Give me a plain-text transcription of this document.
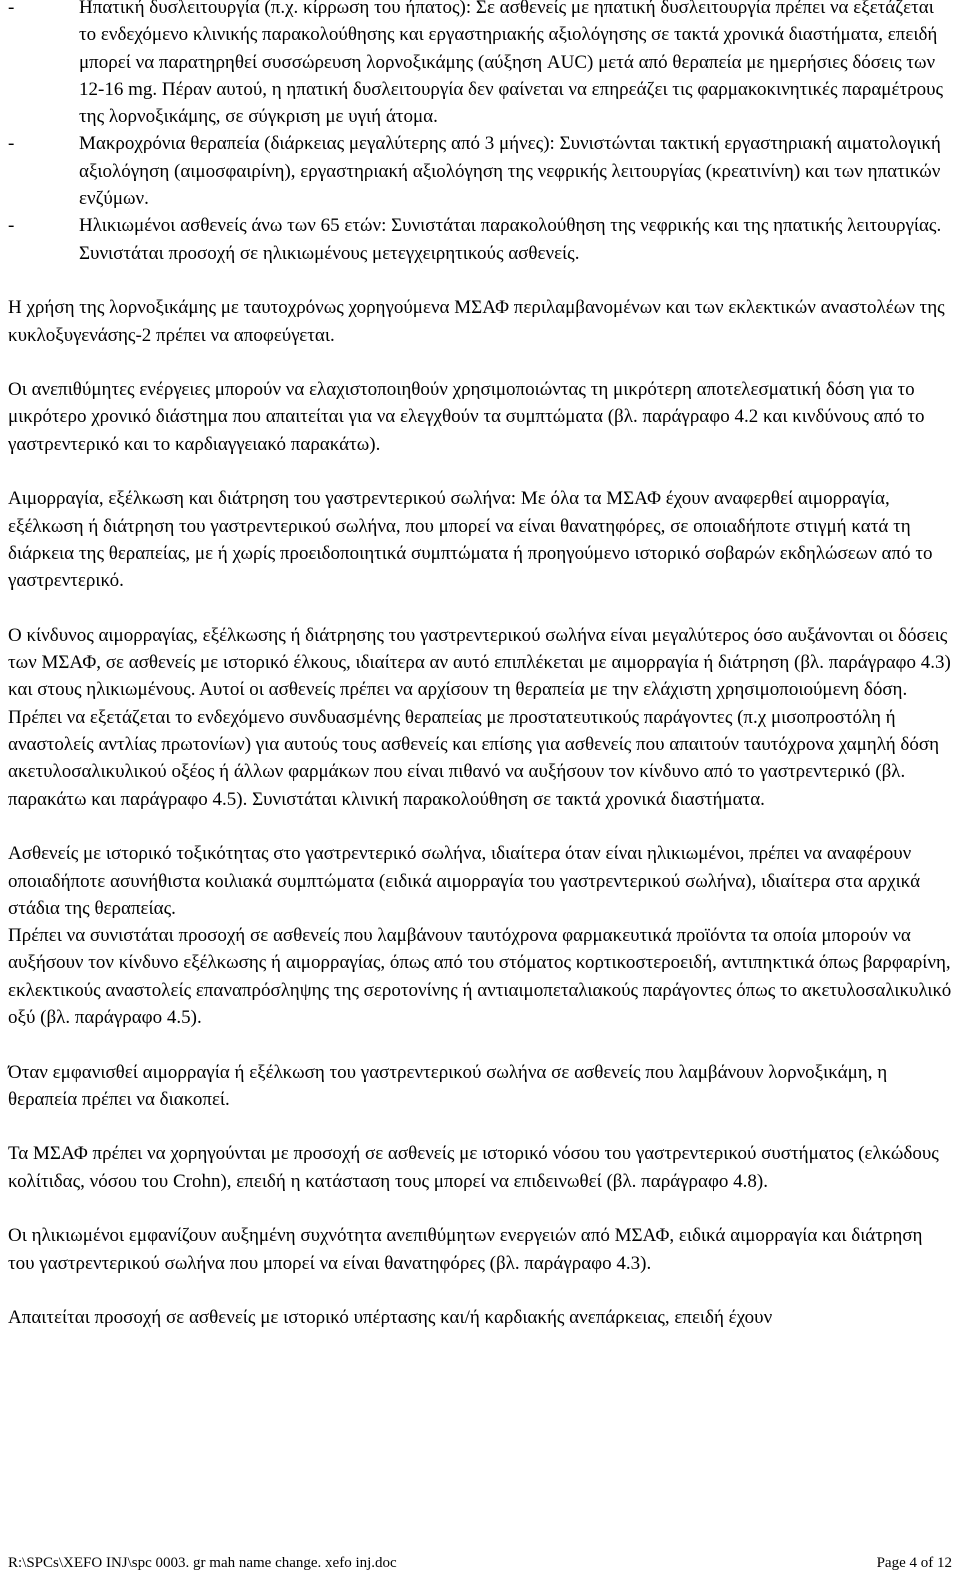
-	Ηπατική δυσλειτουργία (π.χ. κίρρωση του ήπατος): Σε ασθενείς με ηπατική δυσλειτουργία πρέπει να εξετάζεται το ενδεχόμενο κλινικής παρακολούθησης και εργαστηριακής αξιολόγησης σε τακτά χρονικά διαστήματα, επειδή μπορεί να παρατηρηθεί συσσώρευση λορνοξικάμης (αύξηση AUC) μετά από θεραπεία με ημερήσιες δόσεις των 12-16 mg. Πέραν αυτού, η ηπατική δυσλειτουργία δεν φαίνεται να επηρεάζει τις φαρμακοκινητικές παραμέτρους της λορνοξικάμης, σε σύγκριση με υγιή άτομα.
-	Μακροχρόνια θεραπεία (διάρκειας μεγαλύτερης από 3 μήνες): Συνιστώνται τακτική εργαστηριακή αιματολογική αξιολόγηση (αιμοσφαιρίνη), εργαστηριακή αξιολόγηση της νεφρικής λειτουργίας (κρεατινίνη) και των ηπατικών ενζύμων.
-	Ηλικιωμένοι ασθενείς άνω των 65 ετών: Συνιστάται παρακολούθηση της νεφρικής και της ηπατικής λειτουργίας. Συνιστάται προσοχή σε ηλικιωμένους μετεγχειρητικούς ασθενείς.

Η χρήση της λορνοξικάμης με ταυτοχρόνως χορηγούμενα ΜΣΑΦ περιλαμβανομένων και των εκλεκτικών αναστολέων της κυκλοξυγενάσης-2 πρέπει να αποφεύγεται.

Οι ανεπιθύμητες ενέργειες μπορούν να ελαχιστοποιηθούν χρησιμοποιώντας τη μικρότερη αποτελεσματική δόση για το μικρότερο χρονικό διάστημα που απαιτείται για να ελεγχθούν τα συμπτώματα (βλ. παράγραφο 4.2 και κινδύνους από το γαστρεντερικό και το καρδιαγγειακό παρακάτω).

Αιμορραγία, εξέλκωση και διάτρηση του γαστρεντερικού σωλήνα: Με όλα τα ΜΣΑΦ έχουν αναφερθεί αιμορραγία, εξέλκωση ή διάτρηση του γαστρεντερικού σωλήνα, που μπορεί να είναι θανατηφόρες, σε οποιαδήποτε στιγμή κατά τη διάρκεια της θεραπείας, με ή χωρίς προειδοποιητικά συμπτώματα ή προηγούμενο ιστορικό σοβαρών εκδηλώσεων από το γαστρεντερικό.

Ο κίνδυνος αιμορραγίας, εξέλκωσης ή διάτρησης του γαστρεντερικού σωλήνα είναι μεγαλύτερος όσο αυξάνονται οι δόσεις των ΜΣΑΦ, σε ασθενείς με ιστορικό έλκους, ιδιαίτερα αν αυτό επιπλέκεται με αιμορραγία ή διάτρηση (βλ. παράγραφο 4.3) και στους ηλικιωμένους. Αυτοί οι ασθενείς πρέπει να αρχίσουν τη θεραπεία με την ελάχιστη χρησιμοποιούμενη δόση. Πρέπει να εξετάζεται το ενδεχόμενο συνδυασμένης θεραπείας με προστατευτικούς παράγοντες (π.χ μισοπροστόλη ή αναστολείς αντλίας πρωτονίων) για αυτούς τους ασθενείς και επίσης για ασθενείς που απαιτούν ταυτόχρονα χαμηλή δόση ακετυλοσαλικυλικού οξέος ή άλλων φαρμάκων που είναι πιθανό να αυξήσουν τον κίνδυνο από το γαστρεντερικό (βλ. παρακάτω και παράγραφο 4.5). Συνιστάται κλινική παρακολούθηση σε τακτά χρονικά διαστήματα.

Ασθενείς με ιστορικό τοξικότητας στο γαστρεντερικό σωλήνα, ιδιαίτερα όταν είναι ηλικιωμένοι, πρέπει να αναφέρουν οποιαδήποτε ασυνήθιστα κοιλιακά συμπτώματα (ειδικά αιμορραγία του γαστρεντερικού σωλήνα), ιδιαίτερα στα αρχικά στάδια της θεραπείας.

Πρέπει να συνιστάται προσοχή σε ασθενείς που λαμβάνουν ταυτόχρονα φαρμακευτικά προϊόντα τα οποία μπορούν να αυξήσουν τον κίνδυνο εξέλκωσης ή αιμορραγίας, όπως από του στόματος κορτικοστεροειδή, αντιπηκτικά όπως βαρφαρίνη, εκλεκτικούς αναστολείς επαναπρόσληψης της σεροτονίνης ή αντιαιμοπεταλιακούς παράγοντες όπως το ακετυλοσαλικυλικό οξύ (βλ. παράγραφο 4.5).

Όταν εμφανισθεί αιμορραγία ή εξέλκωση του γαστρεντερικού σωλήνα σε ασθενείς που λαμβάνουν λορνοξικάμη, η θεραπεία πρέπει να διακοπεί.

Τα ΜΣΑΦ πρέπει να χορηγούνται με προσοχή σε ασθενείς με ιστορικό νόσου του γαστρεντερικού συστήματος (ελκώδους κολίτιδας, νόσου του Crohn), επειδή η κατάσταση τους μπορεί να επιδεινωθεί (βλ. παράγραφο 4.8).

Οι ηλικιωμένοι εμφανίζουν αυξημένη συχνότητα ανεπιθύμητων ενεργειών από ΜΣΑΦ, ειδικά αιμορραγία και διάτρηση του γαστρεντερικού σωλήνα που μπορεί να είναι θανατηφόρες (βλ. παράγραφο 4.3).

Απαιτείται προσοχή σε ασθενείς με ιστορικό υπέρτασης και/ή καρδιακής ανεπάρκειας, επειδή έχουν

R:\SPCs\XEFO INJ\spc 0003. gr mah name change. xefo inj.doc	Page 4 of 12
